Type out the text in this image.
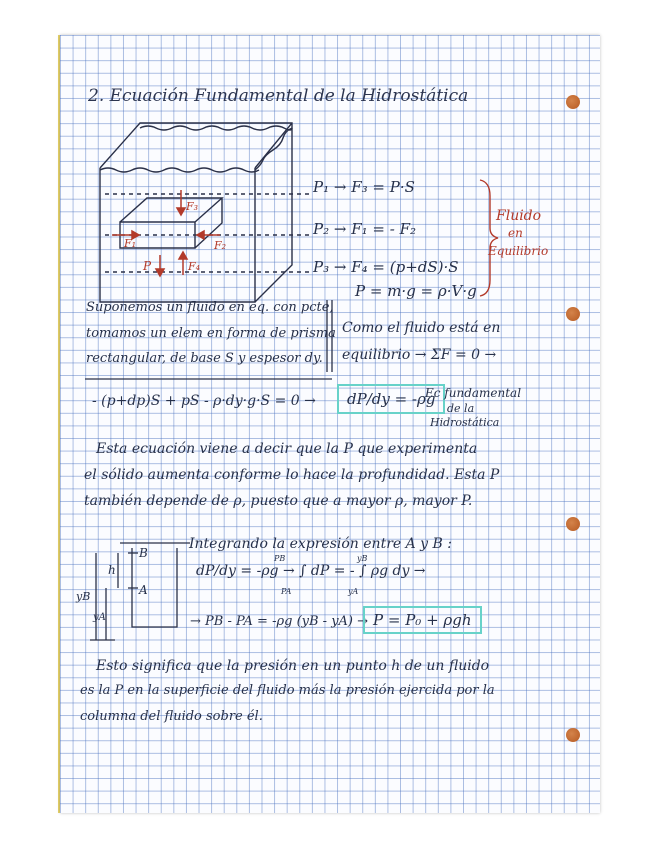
2. Ecuación Fundamental de la Hidrostática
F₃
F₁	F₂
F₄
P
B
A
h
yB
yA
P₁ → F₃ = P·S
P₂ → F₁ = - F₂
P₃ → F₄ = (p+dS)·S
P = m·g = ρ·V·g
Fluido
en
Equilibrio
Suponemos un fluido en eq. con pcte,
tomamos un elem en forma de prisma
rectangular, de base S y espesor dy.
Como el fluido está en
equilibrio → ΣF = 0 →
- (p+dp)S + pS - ρ·dy·g·S = 0 →	dP/dy = -ρg
Ec fundamental
de la
Hidrostática
Esta ecuación viene a decir que la P que experimenta
el sólido aumenta conforme lo hace la profundidad. Esta P
también depende de ρ, puesto que a mayor ρ, mayor P.
Integrando la expresión entre A y B :
dP/dy = -ρg → ∫ dP = - ∫ ρg dy →
PB
PA
yB
yA
→ PB - PA = -ρg (yB - yA) → P = P₀ + ρgh
Esto significa que la presión en un punto h de un fluido
es la P en la superficie del fluido más la presión ejercida por la
columna del fluido sobre él.
